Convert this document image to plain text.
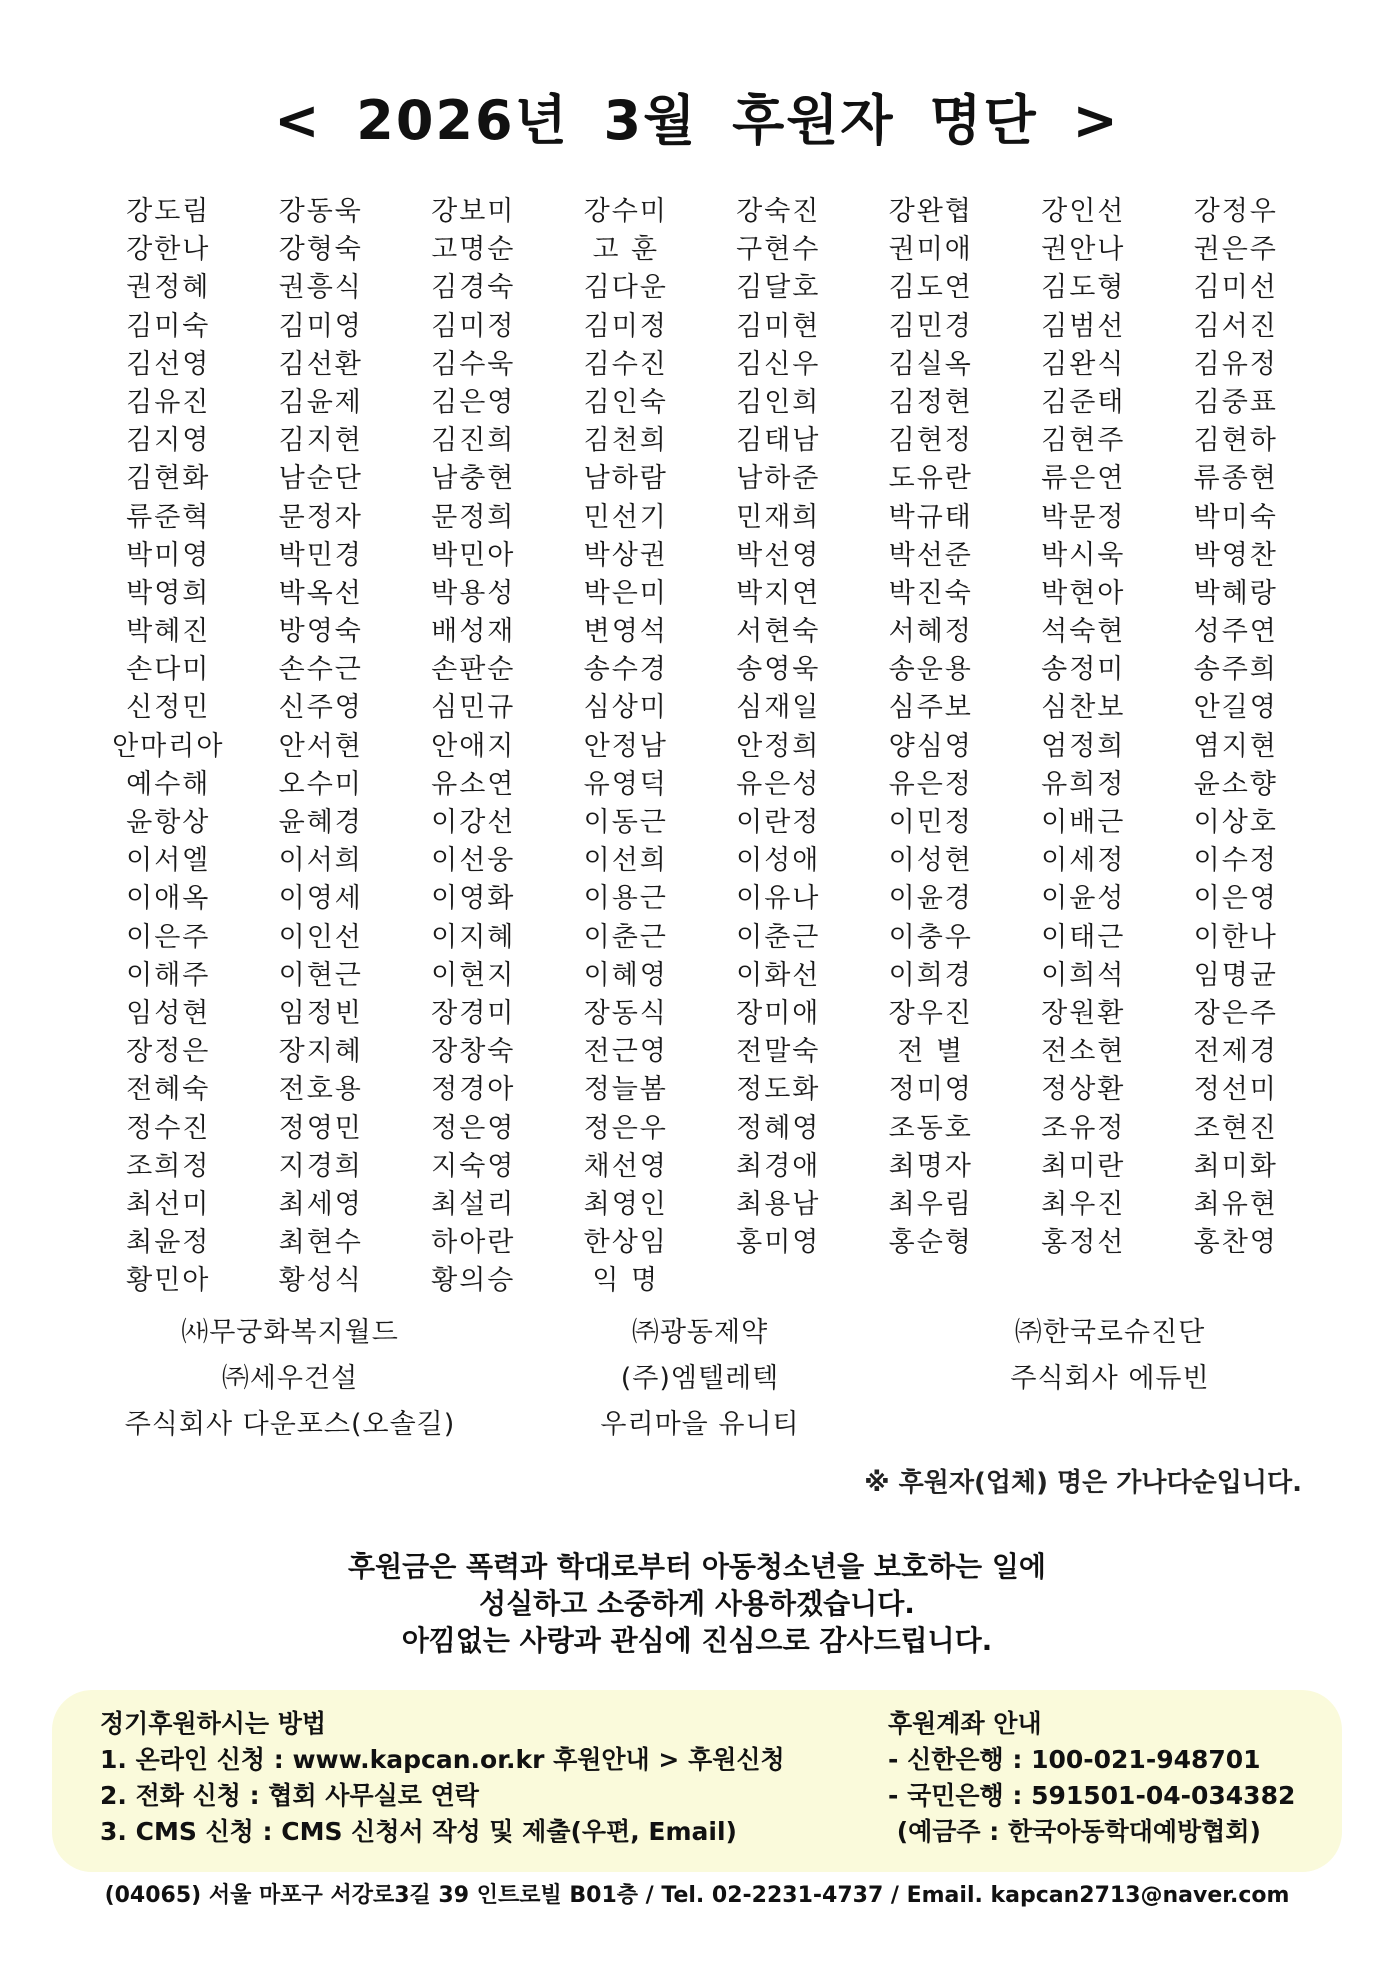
< 2026년 3월 후원자 명단 >
강도림	강동욱	강보미	강수미	강숙진	강완협	강인선	강정우
강한나	강형숙	고명순	고 훈	구현수	권미애	권안나	권은주
권정혜	권흥식	김경숙	김다운	김달호	김도연	김도형	김미선
김미숙	김미영	김미정	김미정	김미현	김민경	김범선	김서진
김선영	김선환	김수욱	김수진	김신우	김실옥	김완식	김유정
김유진	김윤제	김은영	김인숙	김인희	김정현	김준태	김중표
김지영	김지현	김진희	김천희	김태남	김현정	김현주	김현하
김현화	남순단	남충현	남하람	남하준	도유란	류은연	류종현
류준혁	문정자	문정희	민선기	민재희	박규태	박문정	박미숙
박미영	박민경	박민아	박상권	박선영	박선준	박시욱	박영찬
박영희	박옥선	박용성	박은미	박지연	박진숙	박현아	박혜랑
박혜진	방영숙	배성재	변영석	서현숙	서혜정	석숙현	성주연
손다미	손수근	손판순	송수경	송영욱	송운용	송정미	송주희
신정민	신주영	심민규	심상미	심재일	심주보	심찬보	안길영
안마리아	안서현	안애지	안정남	안정희	양심영	엄정희	염지현
예수해	오수미	유소연	유영덕	유은성	유은정	유희정	윤소향
윤항상	윤혜경	이강선	이동근	이란정	이민정	이배근	이상호
이서엘	이서희	이선웅	이선희	이성애	이성현	이세정	이수정
이애옥	이영세	이영화	이용근	이유나	이윤경	이윤성	이은영
이은주	이인선	이지혜	이춘근	이춘근	이충우	이태근	이한나
이해주	이현근	이현지	이혜영	이화선	이희경	이희석	임명균
임성현	임정빈	장경미	장동식	장미애	장우진	장원환	장은주
장정은	장지혜	장창숙	전근영	전말숙	전 별	전소현	전제경
전혜숙	전호용	정경아	정늘봄	정도화	정미영	정상환	정선미
정수진	정영민	정은영	정은우	정혜영	조동호	조유정	조현진
조희정	지경희	지숙영	채선영	최경애	최명자	최미란	최미화
최선미	최세영	최설리	최영인	최용남	최우림	최우진	최유현
최윤정	최현수	하아란	한상임	홍미영	홍순형	홍정선	홍찬영
황민아	황성식	황의승	익 명
㈔무궁화복지월드	㈜광동제약	㈜한국로슈진단
㈜세우건설	(주)엠텔레텍	주식회사 에듀빈
주식회사 다운포스(오솔길)	우리마을 유니티
※ 후원자(업체) 명은 가나다순입니다.
후원금은 폭력과 학대로부터 아동청소년을 보호하는 일에
성실하고 소중하게 사용하겠습니다.
아낌없는 사랑과 관심에 진심으로 감사드립니다.
정기후원하시는 방법
1. 온라인 신청 : www.kapcan.or.kr 후원안내 > 후원신청
2. 전화 신청 : 협회 사무실로 연락
3. CMS 신청 : CMS 신청서 작성 및 제출(우편, Email)
후원계좌 안내
- 신한은행 : 100-021-948701
- 국민은행 : 591501-04-034382
(예금주 : 한국아동학대예방협회)
(04065) 서울 마포구 서강로3길 39 인트로빌 B01층 / Tel. 02-2231-4737 / Email. kapcan2713@naver.com
